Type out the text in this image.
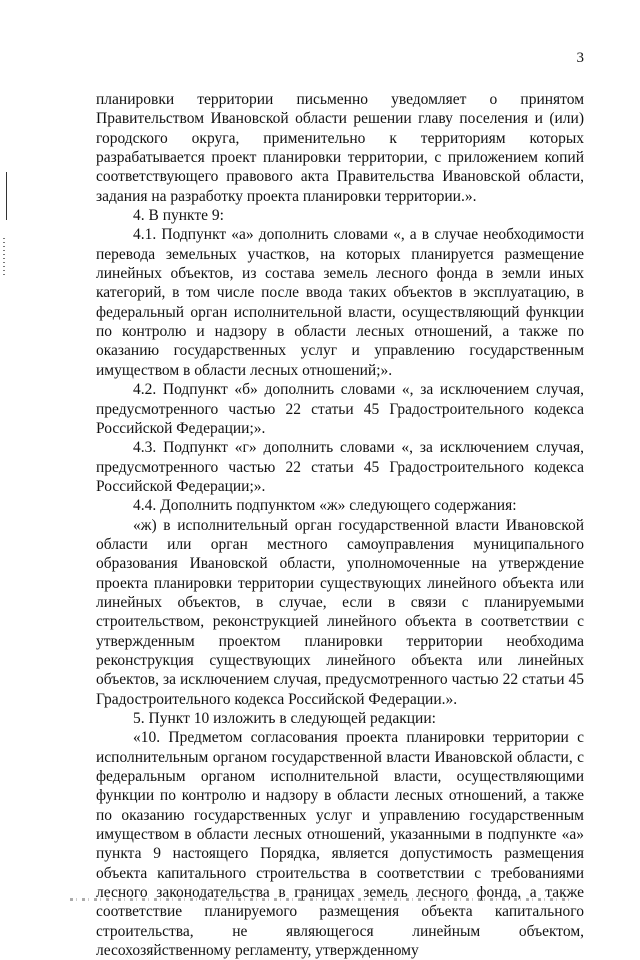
3

планировки территории письменно уведомляет о принятом Правительством Ивановской области решении главу поселения и (или) городского округа, применительно к территориям которых разрабатывается проект планировки территории, с приложением копий соответствующего правового акта Правительства Ивановской области, задания на разработку проекта планировки территории.».

4. В пункте 9:

4.1. Подпункт «а» дополнить словами «, а в случае необходимости перевода земельных участков, на которых планируется размещение линейных объектов, из состава земель лесного фонда в земли иных категорий, в том числе после ввода таких объектов в эксплуатацию, в федеральный орган исполнительной власти, осуществляющий функции по контролю и надзору в области лесных отношений, а также по оказанию государственных услуг и управлению государственным имуществом в области лесных отношений;».

4.2. Подпункт «б» дополнить словами «, за исключением случая, предусмотренного частью 22 статьи 45 Градостроительного кодекса Российской Федерации;».

4.3. Подпункт «г» дополнить словами «, за исключением случая, предусмотренного частью 22 статьи 45 Градостроительного кодекса Российской Федерации;».

4.4. Дополнить подпунктом «ж» следующего содержания:

«ж) в исполнительный орган государственной власти Ивановской области или орган местного самоуправления муниципального образования Ивановской области, уполномоченные на утверждение проекта планировки территории существующих линейного объекта или линейных объектов, в случае, если в связи с планируемыми строительством, реконструкцией линейного объекта в соответствии с утвержденным проектом планировки территории необходима реконструкция существующих линейного объекта или линейных объектов, за исключением случая, предусмотренного частью 22 статьи 45 Градостроительного кодекса Российской Федерации.».

5. Пункт 10 изложить в следующей редакции:

«10. Предметом согласования проекта планировки территории с исполнительным органом государственной власти Ивановской области, с федеральным органом исполнительной власти, осуществляющими функции по контролю и надзору в области лесных отношений, а также по оказанию государственных услуг и управлению государственным имуществом в области лесных отношений, указанными в подпункте «а» пункта 9 настоящего Порядка, является допустимость размещения объекта капитального строительства в соответствии с требованиями лесного законодательства в границах земель лесного фонда, а также соответствие планируемого размещения объекта капитального строительства, не являющегося линейным объектом, лесохозяйственному регламенту, утвержденному
